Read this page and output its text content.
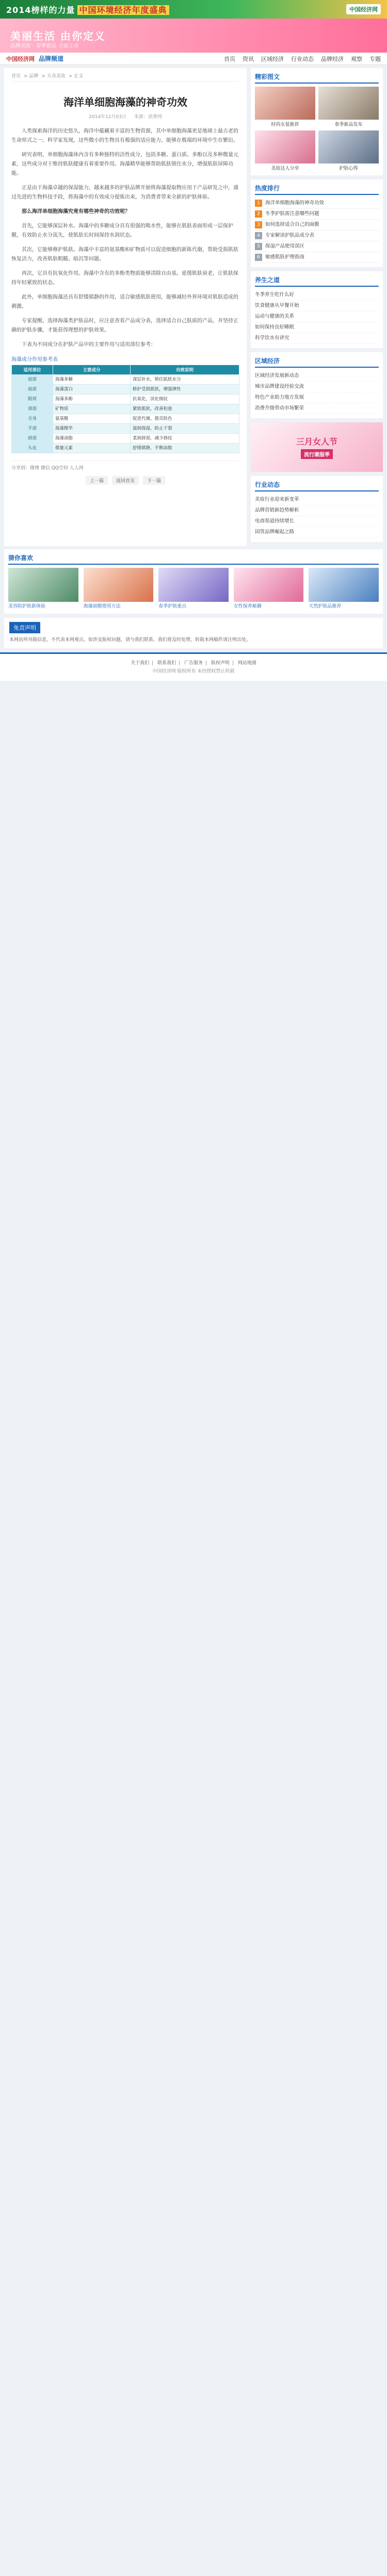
2014榜样的力量 中国环境经济年度盛典	中国经济网
美丽生活 由你定义
品牌美妆 · 春季新品 全面上市
中国经济网 品牌频道	首页 资讯 区域经济 行业动态 品牌经济 观察 专题
首页 > 品牌 > 大众美妆 > 正文
海洋单细胞海藻的神奇功效
2014年12月03日 来源：消费网

人类探索海洋的历史悠久，海洋中蕴藏着丰富的生物资源，其中单细胞海藻更是地球上最古老的生命形式之一。科学家发现，这些微小的生物具有极强的适应能力，能够在极端的环境中生存繁衍。

研究表明，单细胞海藻体内含有多种独特的活性成分，包括多糖、蛋白质、多酚以及多种微量元素，这些成分对于维持肌肤健康有着重要作用。海藻精华能够帮助肌肤锁住水分，增强肌肤屏障功能。

正是由于海藻卓越的保湿能力，越来越多的护肤品牌开始将海藻提取物应用于产品研发之中，通过先进的生物科技手段，将海藻中的有效成分提炼出来，为消费者带来全新的护肤体验。

那么海洋单细胞海藻究竟有哪些神奇的功效呢？

首先，它能够深层补水。海藻中的多糖成分具有很强的吸水性，能够在肌肤表面形成一层保护膜，有效防止水分流失，使肌肤长时间保持水润状态。

其次，它能够修护肌肤。海藻中丰富的氨基酸和矿物质可以促进细胞的新陈代谢，帮助受损肌肤恢复活力，改善肌肤粗糙、暗沉等问题。

再次，它具有抗氧化作用。海藻中含有的多酚类物质能够清除自由基，延缓肌肤衰老，让肌肤保持年轻紧致的状态。

此外，单细胞海藻还具有舒缓镇静的作用，适合敏感肌肤使用，能够减轻外界环境对肌肤造成的刺激。

专家提醒，选择海藻类护肤品时，应注意查看产品成分表，选择适合自己肤质的产品，并坚持正确的护肤步骤，才能获得理想的护肤效果。

下表为不同成分在护肤产品中的主要作用与适用部位参考：

海藻成分作用参考表
适用部位	主要成分	功效说明
面部	海藻多糖	深层补水，锁住肌肤水分
面部	海藻蛋白	修护受损肌肤，增强弹性
眼周	海藻多酚	抗氧化，淡化细纹
颈部	矿物质	紧致肌肤，改善松弛
全身	氨基酸	促进代谢，提亮肤色
手部	海藻精华	滋润保湿，防止干裂
唇部	海藻油脂	柔润唇部，减少唇纹
头皮	微量元素	舒缓镇静，平衡油脂
分享到：微博 微信 QQ空间 人人网
上一篇	返回首页	下一篇
精彩图文
时尚女装推荐	春季新品发布
美妆达人分享	护肤心得
热度排行
1	海洋单细胞海藻的神奇功效
2	冬季护肤需注意哪些问题
3	如何选择适合自己的面膜
4	专家解读护肤品成分表
5	保湿产品使用误区
6	敏感肌肤护理指南
养生之道
冬季养生吃什么好
饮食健康从早餐开始
运动与健康的关系
如何保持良好睡眠
科学饮水有讲究
区域经济
区域经济发展新动态
城市品牌建设经验交流
特色产业助力地方发展
消费升级带动市场繁荣
三月女人节
流行潮服季
行业动态
美妆行业迎来新变革
品牌营销新趋势解析
电商渠道持续增长
国货品牌崛起之路
猜你喜欢
美容院护肤新体验	海藻面膜使用方法	春季护肤重点	女性保养秘籍	天然护肤品推荐
免责声明

本网站所刊载信息，不代表本网观点。如涉及版权问题，请与我们联系，我们将及时处理。转载本网稿件请注明出处。

关于我们 | 联系我们 | 广告服务 | 版权声明 | 网站地图
中国经济网 版权所有 未经授权禁止转载
